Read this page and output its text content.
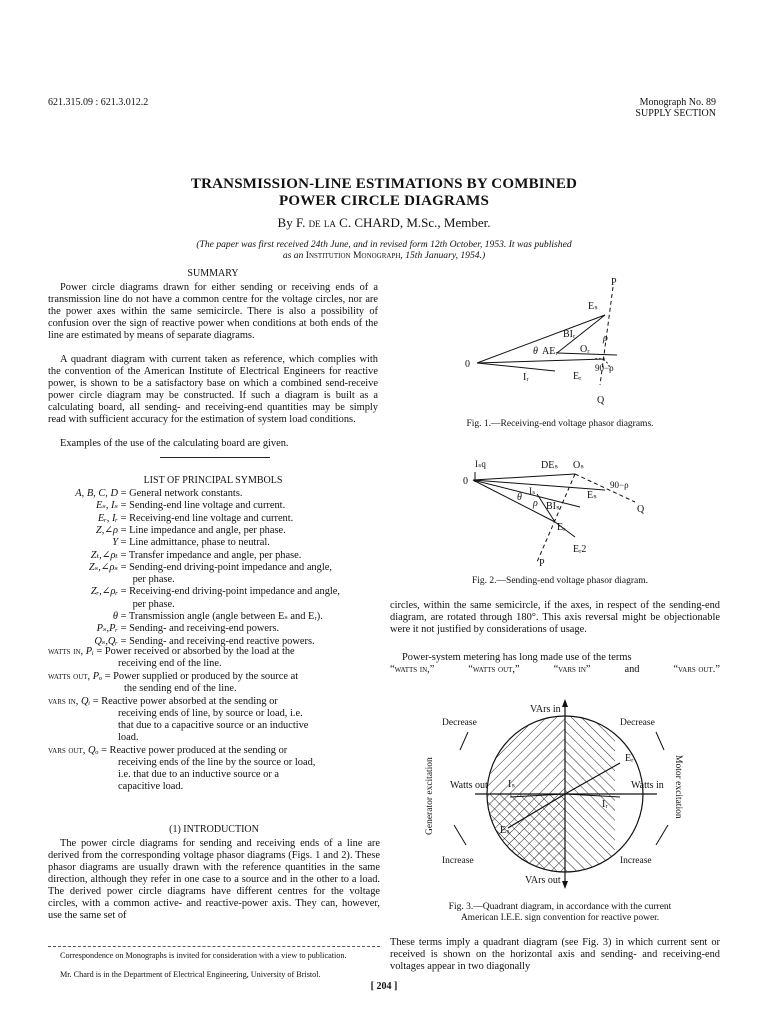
621.315.09 : 621.3.012.2	Monograph No. 89
SUPPLY SECTION
TRANSMISSION-LINE ESTIMATIONS BY COMBINED
POWER CIRCLE DIAGRAMS
By F. de la C. CHARD, M.Sc., Member.
(The paper was first received 24th June, and in revised form 12th October, 1953. It was published
as an Institution Monograph, 15th January, 1954.)
SUMMARY
Power circle diagrams drawn for either sending or receiving ends of a transmission line do not have a common centre for the voltage circles, nor are the power axes within the same semicircle. There is also a possibility of confusion over the sign of reactive power when conditions at both ends of the line are estimated by means of separate diagrams.
A quadrant diagram with current taken as reference, which complies with the convention of the American Institute of Electrical Engineers for reactive power, is shown to be a satisfactory base on which a combined send-receive power circle diagram may be constructed. If such a diagram is built as a calculating board, all sending- and receiving-end quantities may be simply read with sufficient accuracy for the estimation of system load conditions.
Examples of the use of the calculating board are given.
LIST OF PRINCIPAL SYMBOLS
A, B, C, D = General network constants.
Eₛ, Iₛ = Sending-end line voltage and current.
Eᵣ, Iᵣ = Receiving-end line voltage and current.
Z,∠ρ = Line impedance and angle, per phase.
Y = Line admittance, phase to neutral.
Zₜ,∠ρₜ = Transfer impedance and angle, per phase.
Zₛ,∠ρₛ = Sending-end driving-point impedance and angle,
per phase.
Zᵣ,∠ρᵣ = Receiving-end driving-point impedance and angle,
per phase.
θ = Transmission angle (angle between Eₛ and Eᵣ).
Pₛ,Pᵣ = Sending- and receiving-end powers.
Qₛ,Qᵣ = Sending- and receiving-end reactive powers.
watts in, Pᵢ = Power received or absorbed by the load at the
receiving end of the line.
watts out, Pₒ = Power supplied or produced by the source at
the sending end of the line.
vars in, Qᵢ = Reactive power absorbed at the sending or
receiving ends of line, by source or load, i.e.
that due to a capacitive source or an inductive
load.
vars out, Qₒ = Reactive power produced at the sending or
receiving ends of the line by the source or load,
i.e. that due to an inductive source or a
capacitive load.
(1) INTRODUCTION
The power circle diagrams for sending and receiving ends of a line are derived from the corresponding voltage phasor diagrams (Figs. 1 and 2). These phasor diagrams are usually drawn with the reference quantities in the same direction, although they refer in one case to a source and in the other to a load. The derived power circle diagrams have different centres for the voltage circles, with a common active- and reactive-power axis. They can, however, use the same set of
Correspondence on Monographs is invited for consideration with a view to publication.
Mr. Chard is in the Department of Electrical Engineering, University of Bristol.
[ 204 ]
P
Eₛ
BIᵣ	ρ
θ AEᵣ Oᵣ
0	90−ρ
Iᵣ	Eᵣ
Q
Fig. 1.—Receiving-end voltage phasor diagrams.
Iₛq	DEₛ Oₛ
0	90−ρ
Iₛ	Eₛ
θ
BIₛ
ρ
Q
Eᵣ
Eᵣ2
P
Fig. 2.—Sending-end voltage phasor diagram.
circles, within the same semicircle, if the axes, in respect of the sending-end diagram, are rotated through 180°. This axis reversal might be objectionable were it not justified by considerations of usage.
Power-system metering has long made use of the terms
“watts in,”	“watts out,”	“vars in”	and	“vars out.”
VArs in
VArs out
Decrease	Decrease
Increase	Increase
Watts out	Watts in
Iₛ
Iᵣ
Eᵣ
Eₛ
Generator excitation	Motor excitation
Fig. 3.—Quadrant diagram, in accordance with the current
American I.E.E. sign convention for reactive power.
These terms imply a quadrant diagram (see Fig. 3) in which current sent or received is shown on the horizontal axis and sending- and receiving-end voltages appear in two diagonally
